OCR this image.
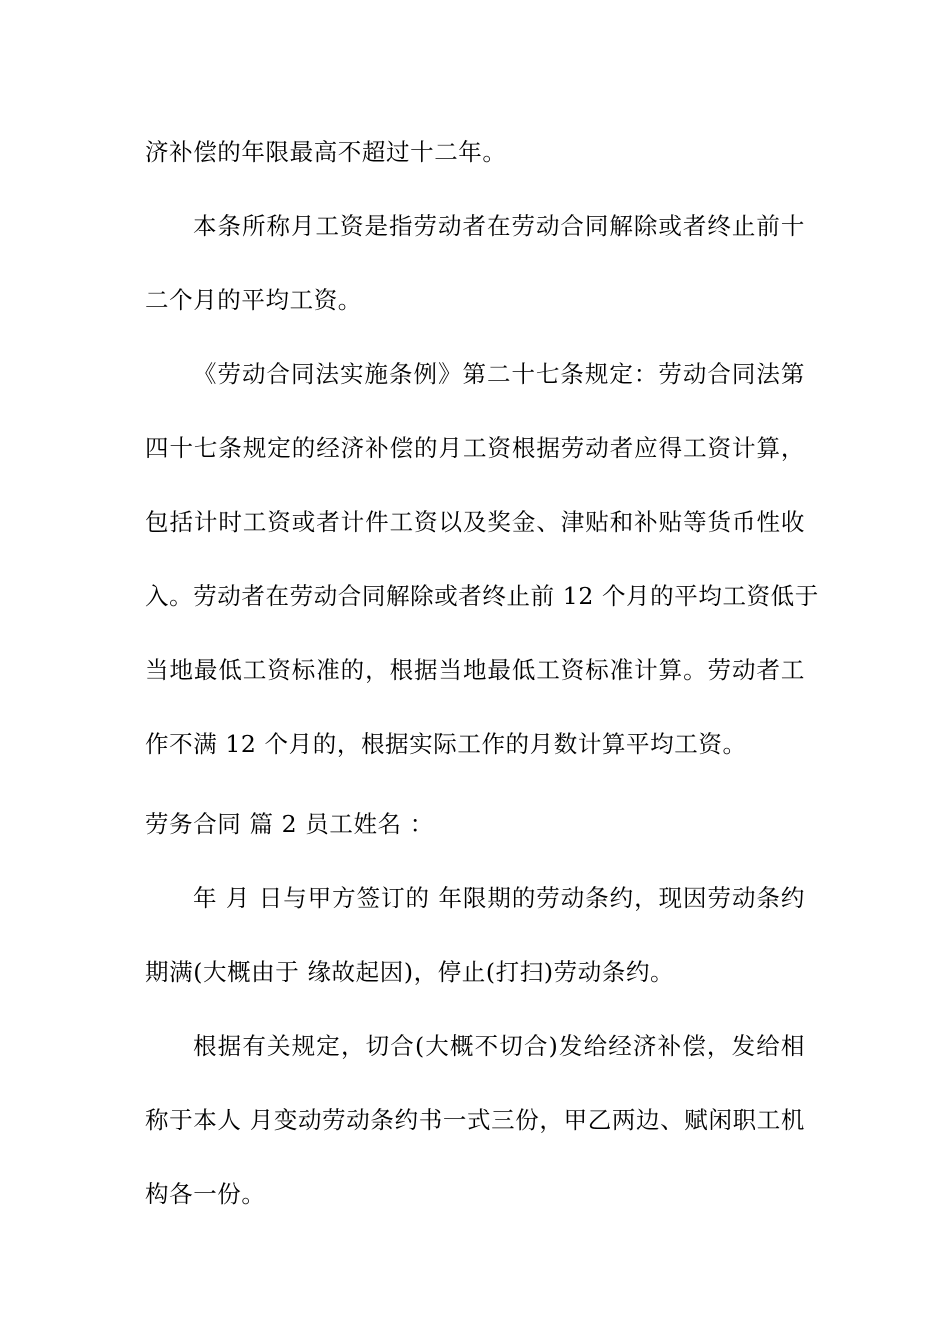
济补偿的年限最高不超过十二年。
本条所称月工资是指劳动者在劳动合同解除或者终止前十
二个月的平均工资。
《劳动合同法实施条例》第二十七条规定：劳动合同法第
四十七条规定的经济补偿的月工资根据劳动者应得工资计算，
包括计时工资或者计件工资以及奖金、津贴和补贴等货币性收
入。劳动者在劳动合同解除或者终止前 12 个月的平均工资低于
当地最低工资标准的，根据当地最低工资标准计算。劳动者工
作不满 12 个月的，根据实际工作的月数计算平均工资。
劳务合同 篇 2 员工姓名 ：
年 月 日与甲方签订的 年限期的劳动条约，现因劳动条约
期满(大概由于 缘故起因)，停止(打扫)劳动条约。
根据有关规定，切合(大概不切合)发给经济补偿，发给相
称于本人 月变动劳动条约书一式三份，甲乙两边、赋闲职工机
构各一份。
